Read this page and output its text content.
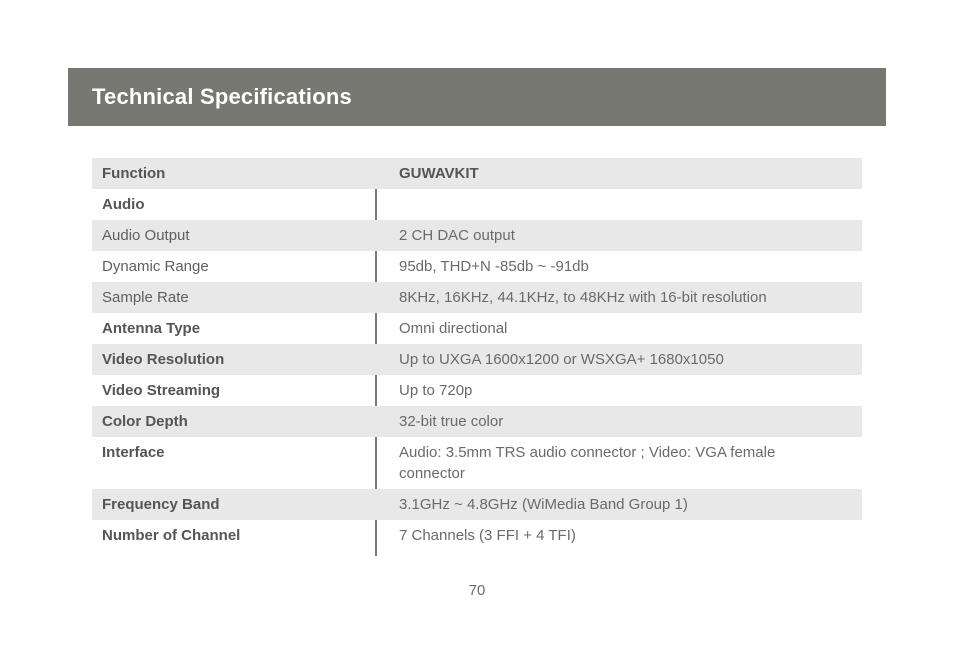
Technical Specifications
Function	GUWAVKIT
Audio
Audio Output	2 CH DAC output
Dynamic Range	95db, THD+N -85db ~ -91db
Sample Rate	8KHz, 16KHz, 44.1KHz, to 48KHz with 16-bit resolution
Antenna Type	Omni directional
Video Resolution	Up to UXGA 1600x1200 or WSXGA+ 1680x1050
Video Streaming	Up to 720p
Color Depth	32-bit true color
Interface	Audio: 3.5mm TRS audio connector ; Video: VGA female connector
Frequency Band	3.1GHz ~ 4.8GHz (WiMedia Band Group 1)
Number of Channel	7 Channels (3 FFI + 4 TFI)
70
